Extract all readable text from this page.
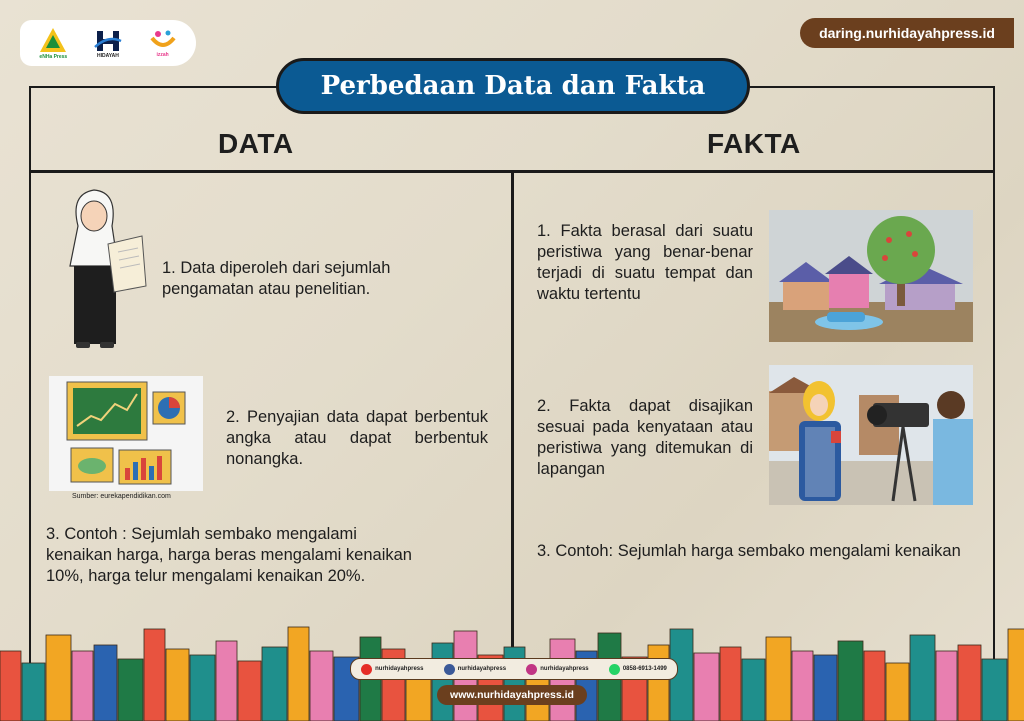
eNHa Press	HIDAYAH	izzah
daring.nurhidayahpress.id
Perbedaan Data dan Fakta
DATA	FAKTA
1. Data diperoleh dari sejumlah pengamatan atau penelitian.
Sumber: eurekapendidikan.com
2. Penyajian data dapat berbentuk angka atau dapat berbentuk nonangka.
3. Contoh : Sejumlah sembako mengalami kenaikan harga, harga beras mengalami kenaikan 10%, harga telur mengalami kenaikan 20%.
1. Fakta berasal dari suatu peristiwa yang benar-benar terjadi di suatu tempat dan waktu tertentu
2. Fakta dapat disajikan sesuai pada kenyataan atau peristiwa yang ditemukan di lapangan
3. Contoh: Sejumlah harga sembako mengalami kenaikan
nurhidayahpress	nurhidayahpress	nurhidayahpress	0858-6913-1499
www.nurhidayahpress.id
